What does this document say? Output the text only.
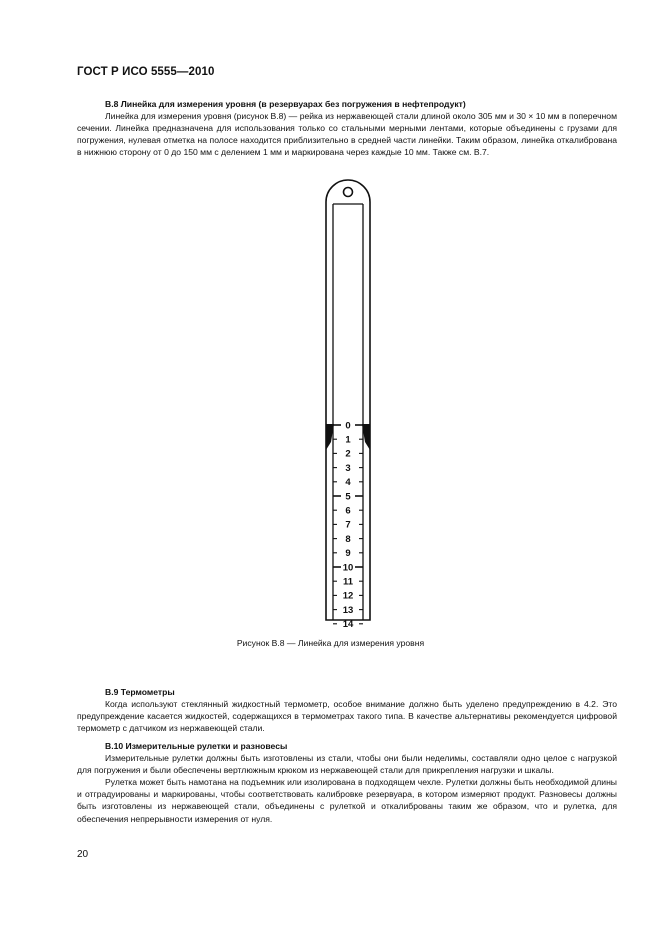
ГОСТ Р ИСО 5555—2010
В.8 Линейка для измерения уровня (в резервуарах без погружения в нефтепродукт)

Линейка для измерения уровня (рисунок В.8) — рейка из нержавеющей стали длиной около 305 мм и 30 × 10 мм в поперечном сечении. Линейка предназначена для использования только со стальными мерными лентами, которые объединены с грузами для погружения, нулевая отметка на полосе находится приблизительно в средней части линейки. Таким образом, линейка откалибрована в нижнюю сторону от 0 до 150 мм с делением 1 мм и маркирована через каждые 10 мм. Также см. В.7.

0
1
2
3
4
5
6
7
8
9
10
11
12
13
14
Рисунок В.8 — Линейка для измерения уровня
В.9 Термометры

Когда используют стеклянный жидкостный термометр, особое внимание должно быть уделено предупреждению в 4.2. Это предупреждение касается жидкостей, содержащихся в термометрах такого типа. В качестве альтернативы рекомендуется цифровой термометр с датчиком из нержавеющей стали.

В.10 Измерительные рулетки и разновесы

Измерительные рулетки должны быть изготовлены из стали, чтобы они были неделимы, составляли одно целое с нагрузкой для погружения и были обеспечены вертлюжным крюком из нержавеющей стали для прикрепления нагрузки и шкалы.

Рулетка может быть намотана на подъемник или изолирована в подходящем чехле. Рулетки должны быть необходимой длины и отградуированы и маркированы, чтобы соответствовать калибровке резервуара, в котором измеряют продукт. Разновесы должны быть изготовлены из нержавеющей стали, объединены с рулеткой и откалиброваны таким же образом, что и рулетка, для обеспечения непрерывности измерения от нуля.

20
